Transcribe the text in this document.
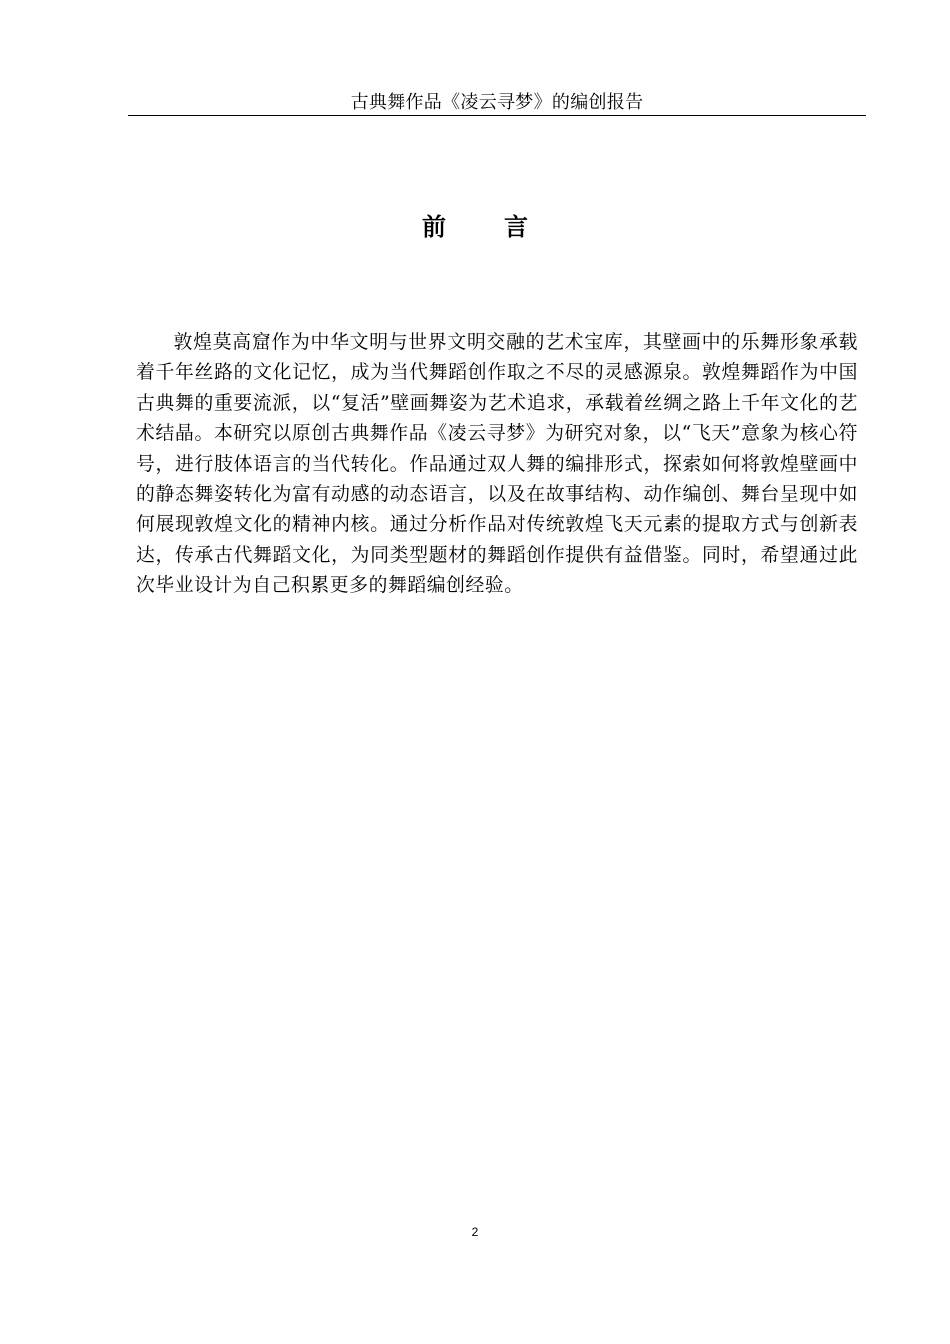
古典舞作品《凌云寻梦》的编创报告
前 言

敦煌莫高窟作为中华文明与世界文明交融的艺术宝库，其壁画中的乐舞形象承载着千年丝路的文化记忆，成为当代舞蹈创作取之不尽的灵感源泉。敦煌舞蹈作为中国古典舞的重要流派，以“复活”壁画舞姿为艺术追求，承载着丝绸之路上千年文化的艺术结晶。本研究以原创古典舞作品《凌云寻梦》为研究对象，以“飞天”意象为核心符号，进行肢体语言的当代转化。作品通过双人舞的编排形式，探索如何将敦煌壁画中的静态舞姿转化为富有动感的动态语言，以及在故事结构、动作编创、舞台呈现中如何展现敦煌文化的精神内核。通过分析作品对传统敦煌飞天元素的提取方式与创新表达，传承古代舞蹈文化，为同类型题材的舞蹈创作提供有益借鉴。同时，希望通过此次毕业设计为自己积累更多的舞蹈编创经验。

2
